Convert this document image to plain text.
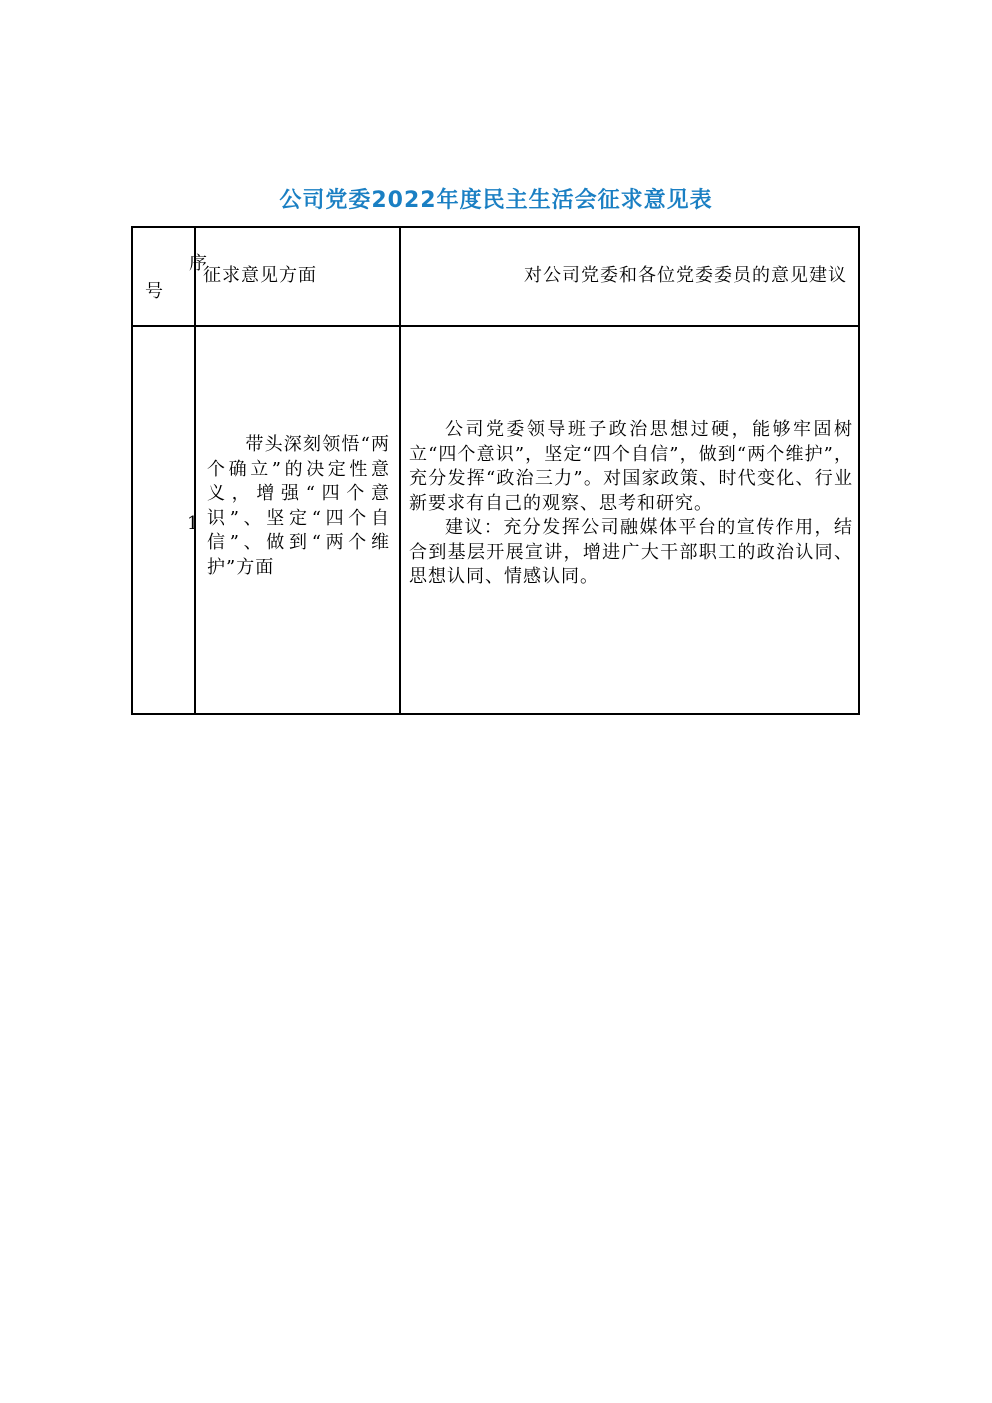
公司党委2022年度民主生活会征求意见表
序
号
征求意见方面	对公司党委和各位党委委员的意见建议
1
　　带头深刻领悟“两个确立”的决定性意义，增强“四个意识”、坚定“四个自信”、做到“两个维护”方面

公司党委领导班子政治思想过硬，能够牢固树立“四个意识”，坚定“四个自信”，做到“两个维护”，充分发挥“政治三力”。对国家政策、时代变化、行业新要求有自己的观察、思考和研究。

建议：充分发挥公司融媒体平台的宣传作用，结合到基层开展宣讲，增进广大干部职工的政治认同、思想认同、情感认同。
